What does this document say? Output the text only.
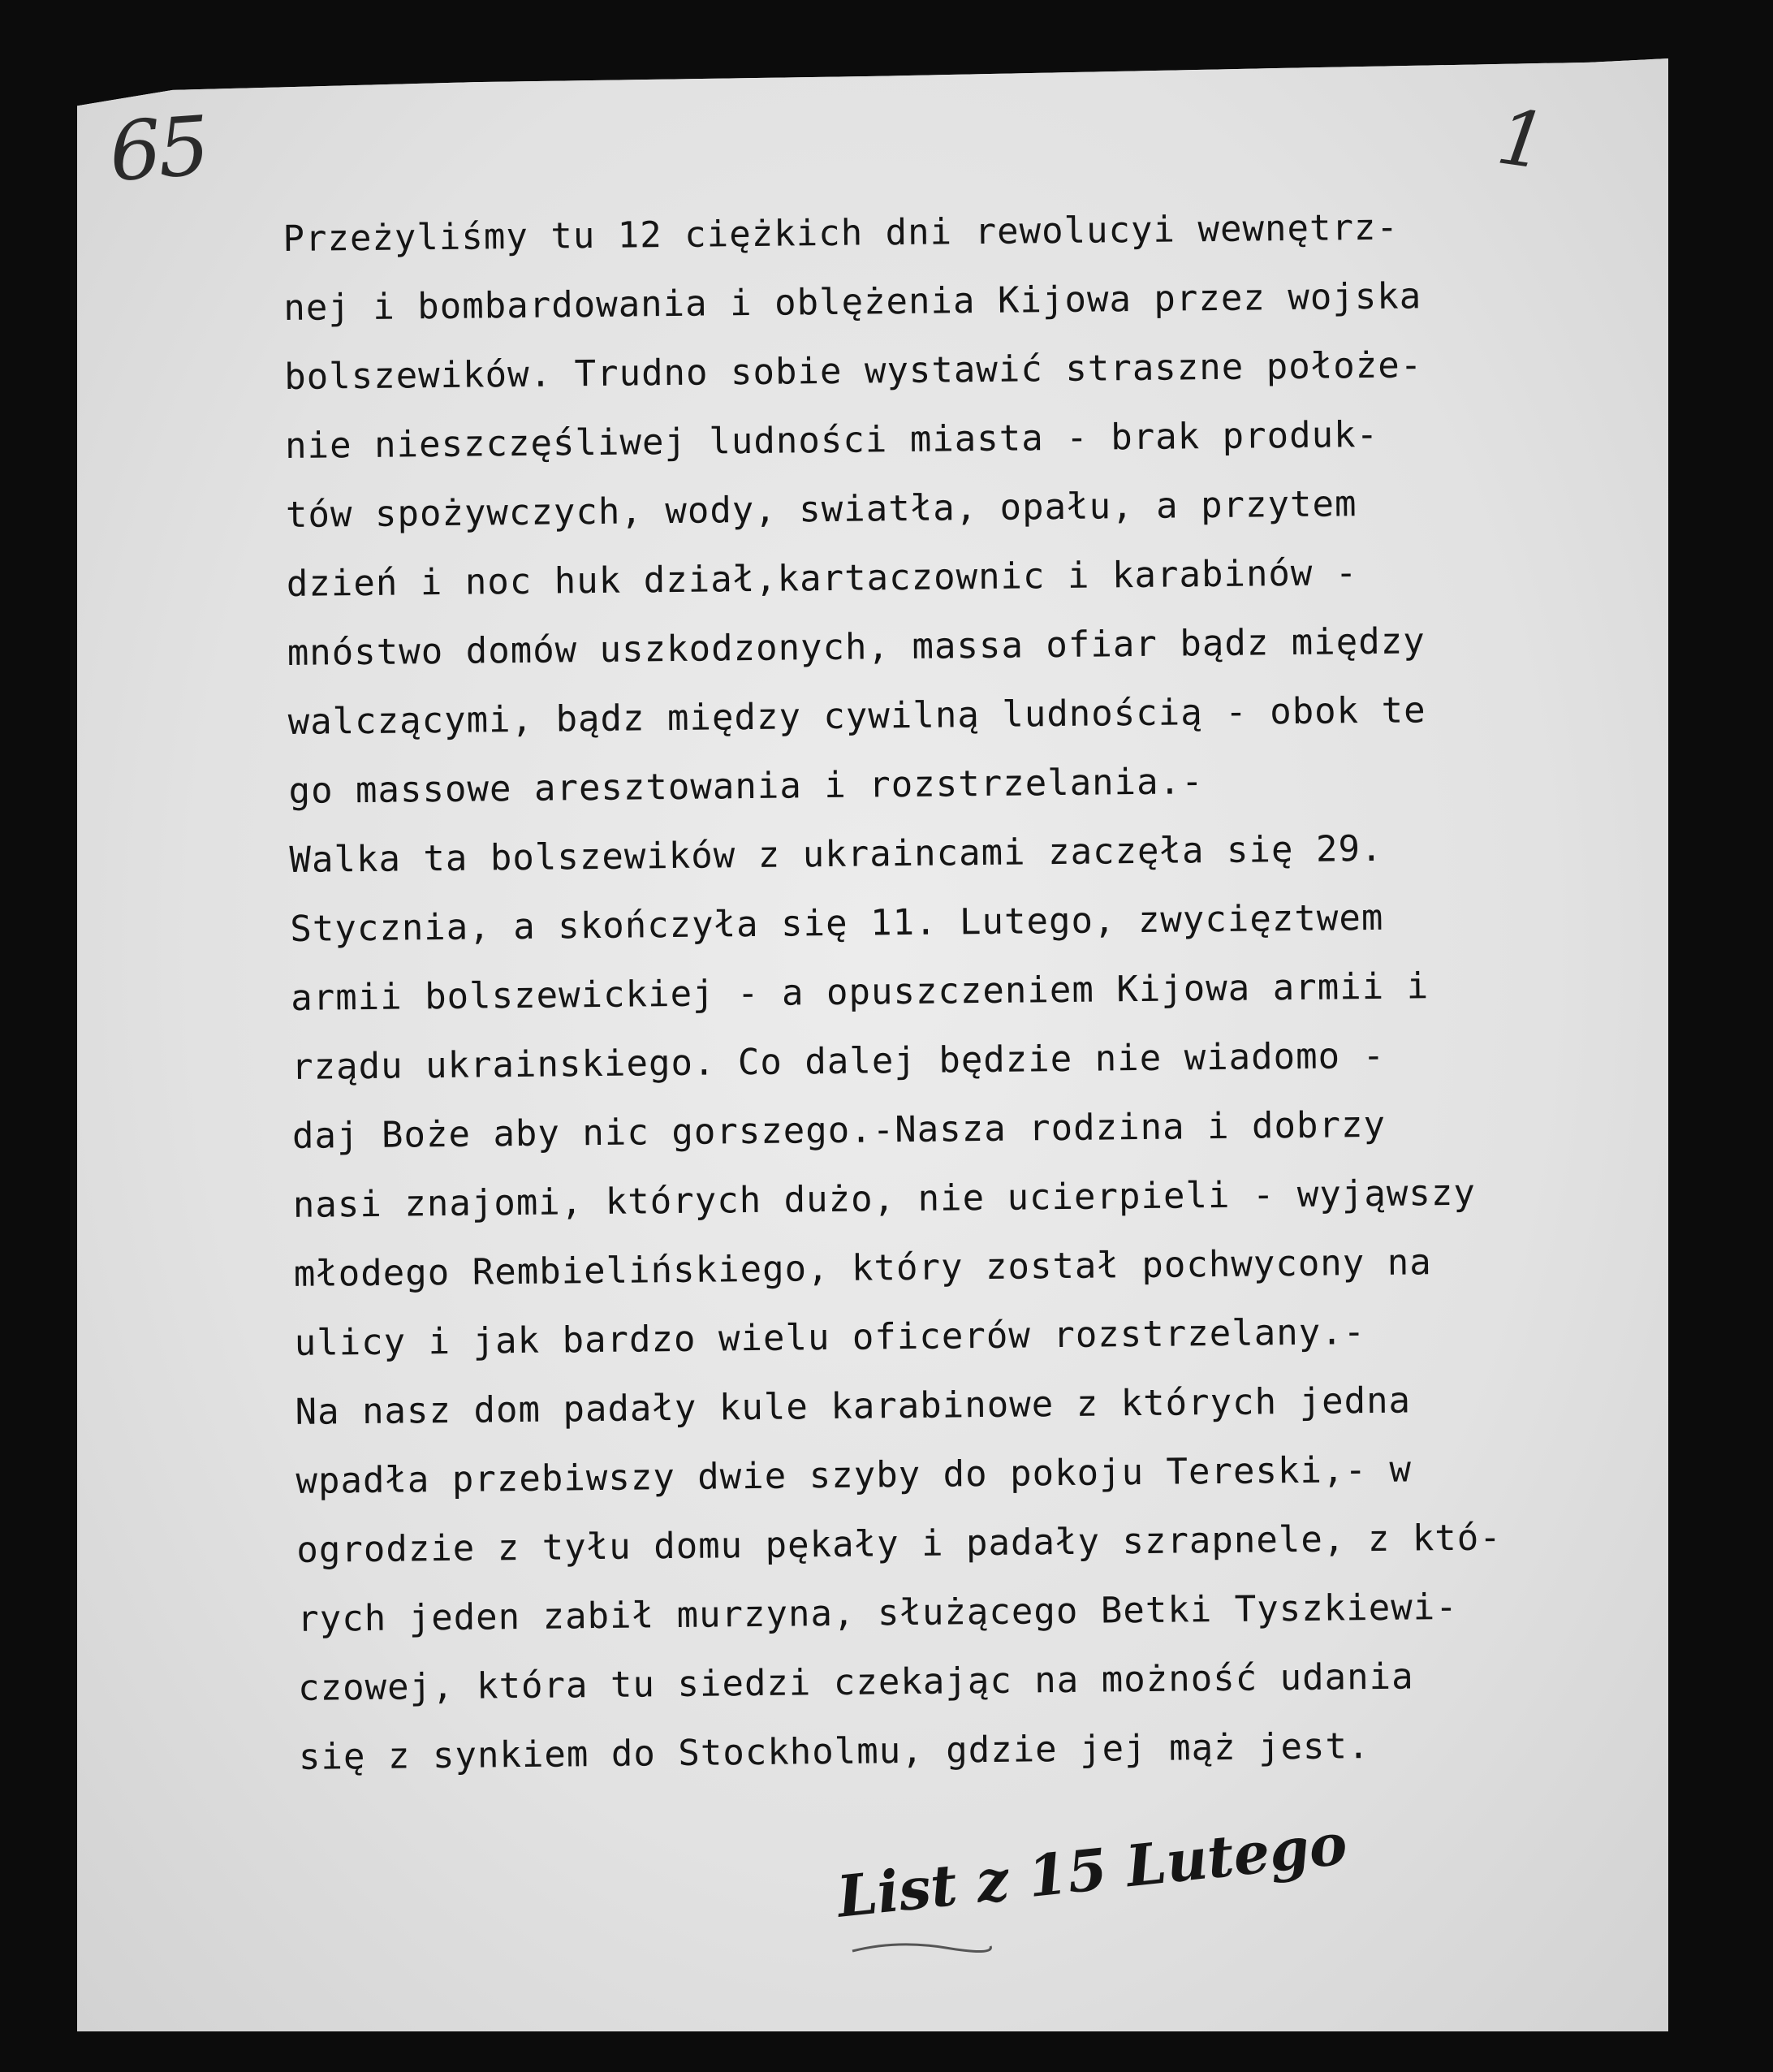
65	1
Przeżyliśmy tu 12 ciężkich dni rewolucyi wewnętrz-
nej i bombardowania i oblężenia Kijowa przez wojska
bolszewików. Trudno sobie wystawić straszne położe-
nie nieszczęśliwej ludności miasta - brak produk-
tów spożywczych, wody, swiatła, opału, a przytem
dzień i noc huk dział,kartaczownic i karabinów -
mnóstwo domów uszkodzonych, massa ofiar bądz między
walczącymi, bądz między cywilną ludnością - obok te
go massowe aresztowania i rozstrzelania.-
Walka ta bolszewików z ukraincami zaczęła się 29.
Stycznia, a skończyła się 11. Lutego, zwycięztwem
armii bolszewickiej - a opuszczeniem Kijowa armii i
rządu ukrainskiego. Co dalej będzie nie wiadomo -
daj Boże aby nic gorszego.-Nasza rodzina i dobrzy
nasi znajomi, których dużo, nie ucierpieli - wyjąwszy
młodego Rembielińskiego, który został pochwycony na
ulicy i jak bardzo wielu oficerów rozstrzelany.-
Na nasz dom padały kule karabinowe z których jedna
wpadła przebiwszy dwie szyby do pokoju Tereski,- w
ogrodzie z tyłu domu pękały i padały szrapnele, z któ-
rych jeden zabił murzyna, służącego Betki Tyszkiewi-
czowej, która tu siedzi czekając na możność udania
się z synkiem do Stockholmu, gdzie jej mąż jest.
List z 15 Lutego
